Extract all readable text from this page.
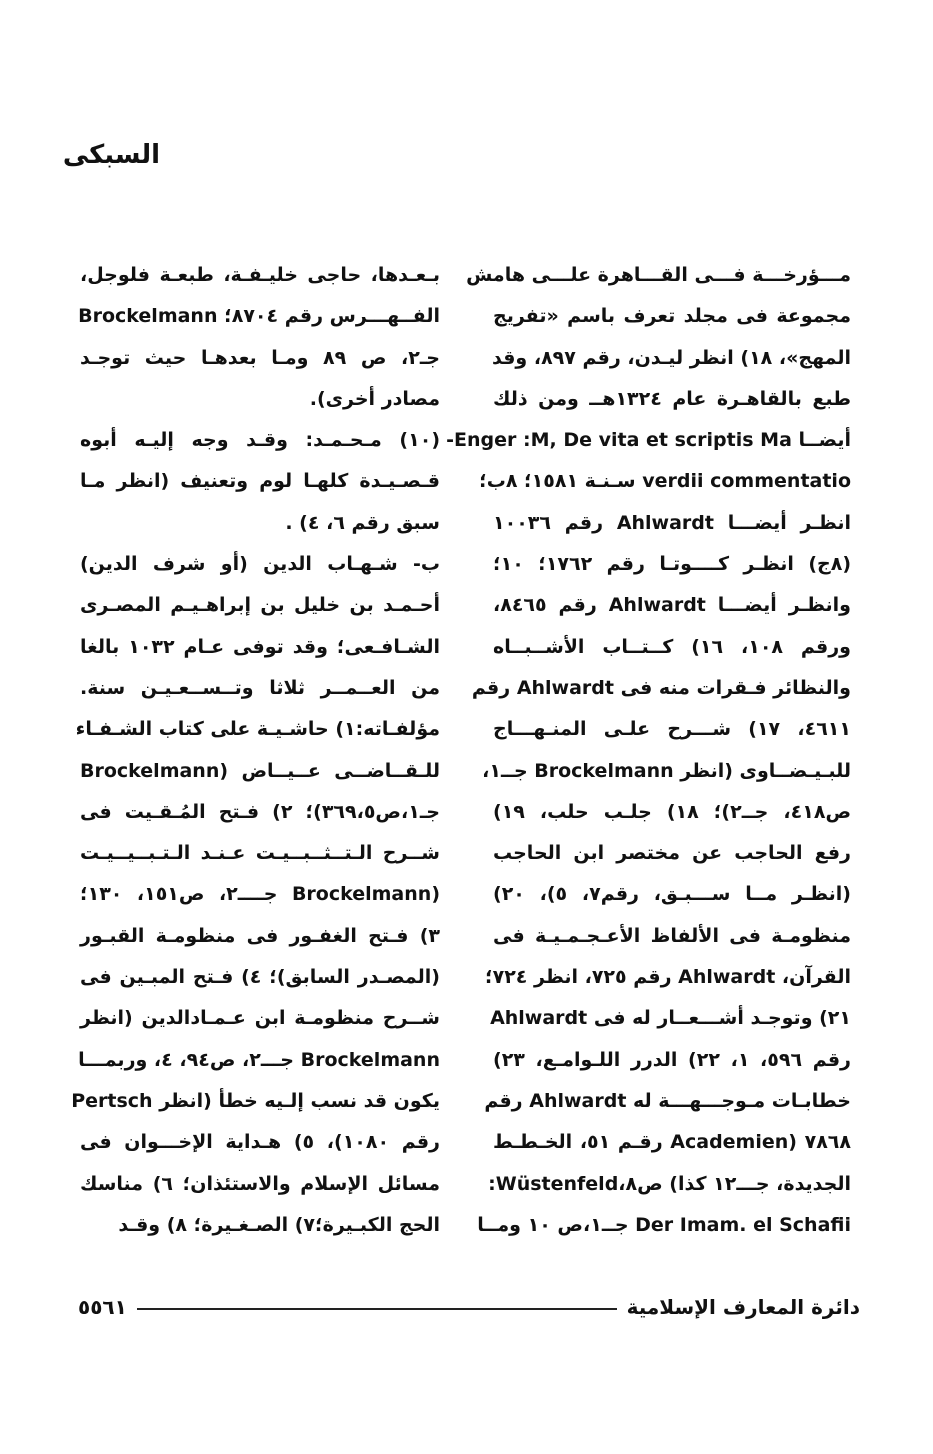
السبكى
مـــؤرخـــة فـــى القـــاهرة علـــى هامش
مجموعة فى مجلد تعرف باسم «تفريج
المهج»، ١٨) انظر ليـدن، رقم ٨٩٧، وقد
طبع بالقاهـرة عام ١٣٢٤هــ ومن ذلك
أيضــا Enger :M, De vita et scriptis Ma-
verdii commentatio سـنـة ١٥٨١؛ ٨ب؛
انظـر أيضـــا Ahlwardt رقم ١٠٠٣٦
(٨ج) انظـر كــــوتـا رقم ١٧٦٢؛ ١٠؛
وانظـر أيضـــا Ahlwardt رقم ٨٤٦٥،
ورقم ١٠٨، ١٦) كــتــاب الأشــبــاه
والنظائر فـقرات منه فى Ahlwardt رقم
٤٦١١، ١٧) شـــرح علـى المنـهـــاج
للبـيـضــاوى (انظر Brockelmann جــ١،
ص٤١٨، جــ٢)؛ ١٨) جلـب حلب، ١٩)
رفع الحاجب عن مختصر ابن الحاجب
(انظـر مــا ســـبـق، رقم٧، ٥)، ٢٠)
منظومـة فى الألفاظ الأعـجـمـيـة فى
القرآن، Ahlwardt رقم ٧٢٥، انظر ٧٢٤؛
٢١) وتوجـد أشـــعــار له فى Ahlwardt
رقم ٥٩٦، ١، ٢٢) الدرر اللـوامـع، ٢٣)
خطابـات مـوجـــهـــة له Ahlwardt رقم
٧٨٦٨ (Academien رقـم ٥١، الخـطـط
الجديدة، جـــ١٢ كذا) ص٨،Wüstenfeld:
Der Imam. el Schafii جــ١،ص ١٠ ومــا
بـعـدها، حاجى خليـفـة، طبعـة فلوجل،
الفــهـــرس رقم ٨٧٠٤؛ Brockelmann
جـ٢، ص ٨٩ ومـا بعدهـا حيث توجـد
مصادر أخرى).
(١٠) مـحـمـد: وقـد وجه إليـه أبوه
قـصـيـدة كلهـا لوم وتعنيف (انظر مـا
سبق رقم ٦، ٤) .
ب- شـهـاب الدين (أو شرف الدين)
أحـمـد بن خليل بن إبراهـيـم المصـرى
الشـافـعى؛ وقد توفى عـام ١٠٣٢ بالغا
من العــمــر ثلاثا وتــســعـيـن سنة.
مؤلفـاته:١) حاشـيـة على كتاب الشـفـاء
للـقــاضــى عــيــاض (Brockelmann
جـ١،ص٣٦٩،٥)؛ ٢) فـتح المُـقـيت فى
شــرح الـتــثــبــيـت عـنـد الـتـبــيــيـت
(Brockelmann جــــ٢، ص١٥١، ١٣٠؛
٣) فـتح الغفـور فى منظومـة القبـور
(المصـدر السابق)؛ ٤) فـتح المبـين فى
شــرح منظومـة ابن عـمـادالدين (انظر
Brockelmann جـــ٢، ص٩٤، ٤، وربمـــا
يكون قد نسب إلـيه خطأ (انظر Pertsch
رقم ١٠٨٠)، ٥) هـداية الإخـــوان فى
مسائل الإسلام والاستئذان؛ ٦) مناسك
الحج الكبـيرة؛٧) الصـغـيرة؛ ٨) وقـد
دائرة المعارف الإسلامية
٥٥٦١
